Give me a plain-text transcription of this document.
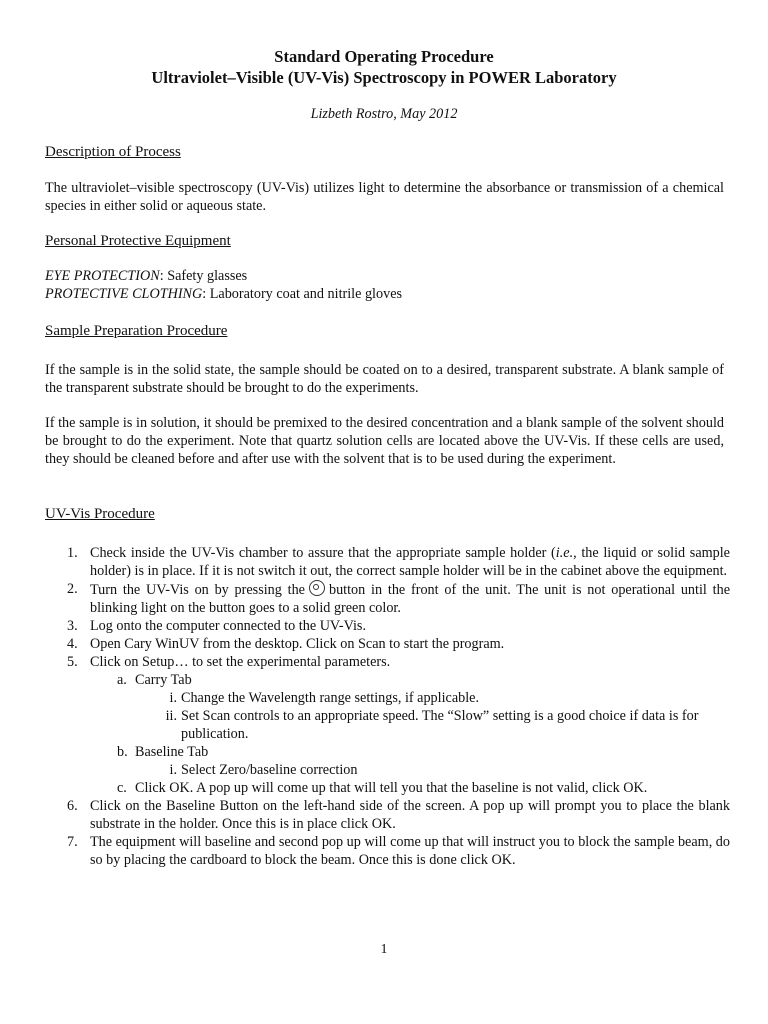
Standard Operating Procedure
Ultraviolet–Visible (UV-Vis) Spectroscopy in POWER Laboratory
Lizbeth Rostro, May 2012
Description of Process
The ultraviolet–visible spectroscopy (UV-Vis) utilizes light to determine the absorbance or transmission of a chemical species in either solid or aqueous state.
Personal Protective Equipment
EYE PROTECTION: Safety glasses
PROTECTIVE CLOTHING: Laboratory coat and nitrile gloves
Sample Preparation Procedure
If the sample is in the solid state, the sample should be coated on to a desired, transparent substrate. A blank sample of the transparent substrate should be brought to do the experiments.
If the sample is in solution, it should be premixed to the desired concentration and a blank sample of the solvent should be brought to do the experiment. Note that quartz solution cells are located above the UV-Vis. If these cells are used, they should be cleaned before and after use with the solvent that is to be used during the experiment.
UV-Vis Procedure
1. Check inside the UV-Vis chamber to assure that the appropriate sample holder (i.e., the liquid or solid sample holder) is in place. If it is not switch it out, the correct sample holder will be in the cabinet above the equipment.
2. Turn the UV-Vis on by pressing the button in the front of the unit. The unit is not operational until the blinking light on the button goes to a solid green color.
3. Log onto the computer connected to the UV-Vis.
4. Open Cary WinUV from the desktop. Click on Scan to start the program.
5. Click on Setup… to set the experimental parameters.
a. Carry Tab
i. Change the Wavelength range settings, if applicable.
ii. Set Scan controls to an appropriate speed. The “Slow” setting is a good choice if data is for publication.
b. Baseline Tab
i. Select Zero/baseline correction
c. Click OK. A pop up will come up that will tell you that the baseline is not valid, click OK.
6. Click on the Baseline Button on the left-hand side of the screen. A pop up will prompt you to place the blank substrate in the holder. Once this is in place click OK.
7. The equipment will baseline and second pop up will come up that will instruct you to block the sample beam, do so by placing the cardboard to block the beam. Once this is done click OK.
1
